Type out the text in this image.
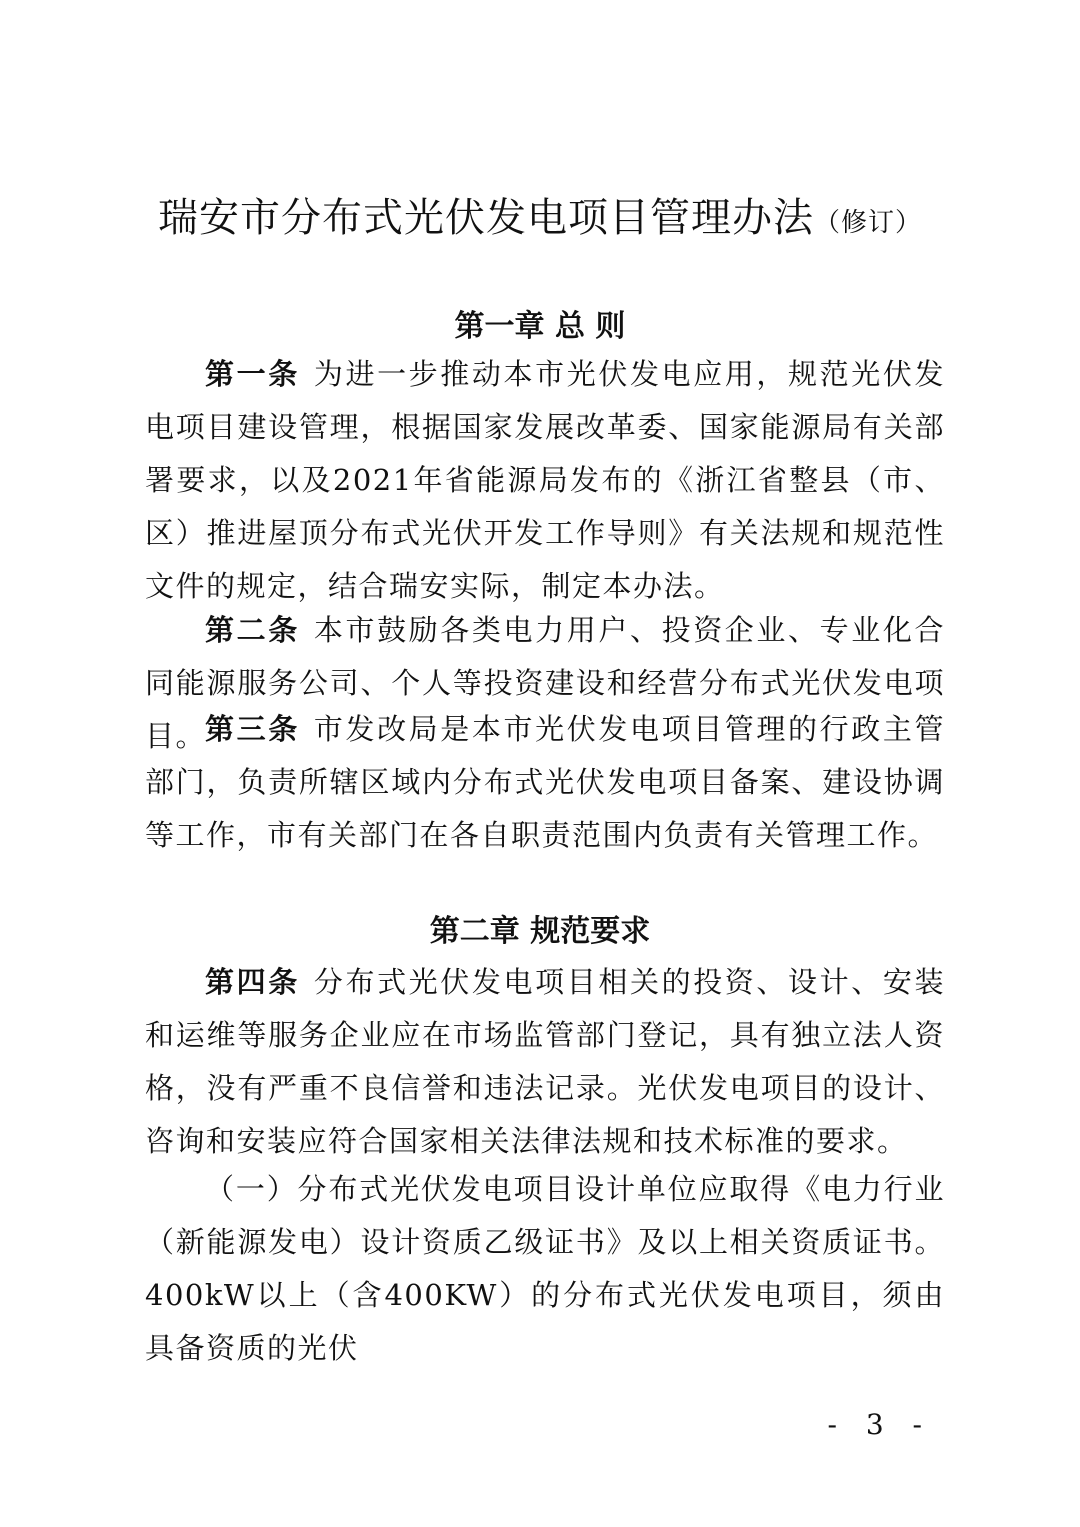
瑞安市分布式光伏发电项目管理办法（修订）
第一章 总 则

第一条 为进一步推动本市光伏发电应用，规范光伏发电项目建设管理，根据国家发展改革委、国家能源局有关部署要求，以及2021年省能源局发布的《浙江省整县（市、区）推进屋顶分布式光伏开发工作导则》有关法规和规范性文件的规定，结合瑞安实际，制定本办法。

第二条 本市鼓励各类电力用户、投资企业、专业化合同能源服务公司、个人等投资建设和经营分布式光伏发电项目。

第三条 市发改局是本市光伏发电项目管理的行政主管部门，负责所辖区域内分布式光伏发电项目备案、建设协调等工作，市有关部门在各自职责范围内负责有关管理工作。

第二章 规范要求

第四条 分布式光伏发电项目相关的投资、设计、安装和运维等服务企业应在市场监管部门登记，具有独立法人资格，没有严重不良信誉和违法记录。光伏发电项目的设计、咨询和安装应符合国家相关法律法规和技术标准的要求。

（一）分布式光伏发电项目设计单位应取得《电力行业（新能源发电）设计资质乙级证书》及以上相关资质证书。400kW以上（含400KW）的分布式光伏发电项目，须由具备资质的光伏

- 3 -
